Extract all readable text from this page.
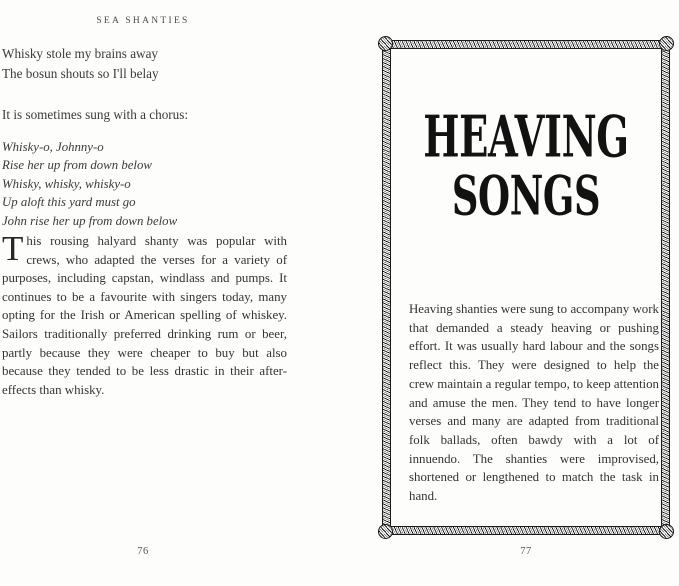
SEA SHANTIES
Whisky stole my brains away
The bosun shouts so I'll belay
It is sometimes sung with a chorus:
Whisky-o, Johnny-o
Rise her up from down below
Whisky, whisky, whisky-o
Up aloft this yard must go
John rise her up from down below
This rousing halyard shanty was popular with crews, who adapted the verses for a variety of purposes, including capstan, windlass and pumps. It continues to be a favourite with singers today, many opting for the Irish or American spelling of whiskey. Sailors traditionally preferred drinking rum or beer, partly because they were cheaper to buy but also because they tended to be less drastic in their after-effects than whisky.
76
HEAVING
SONGS
Heaving shanties were sung to accompany work that demanded a steady heaving or pushing effort. It was usually hard labour and the songs reflect this. They were designed to help the crew maintain a regular tempo, to keep attention and amuse the men. They tend to have longer verses and many are adapted from traditional folk ballads, often bawdy with a lot of innuendo. The shanties were improvised, shortened or lengthened to match the task in hand.
77
